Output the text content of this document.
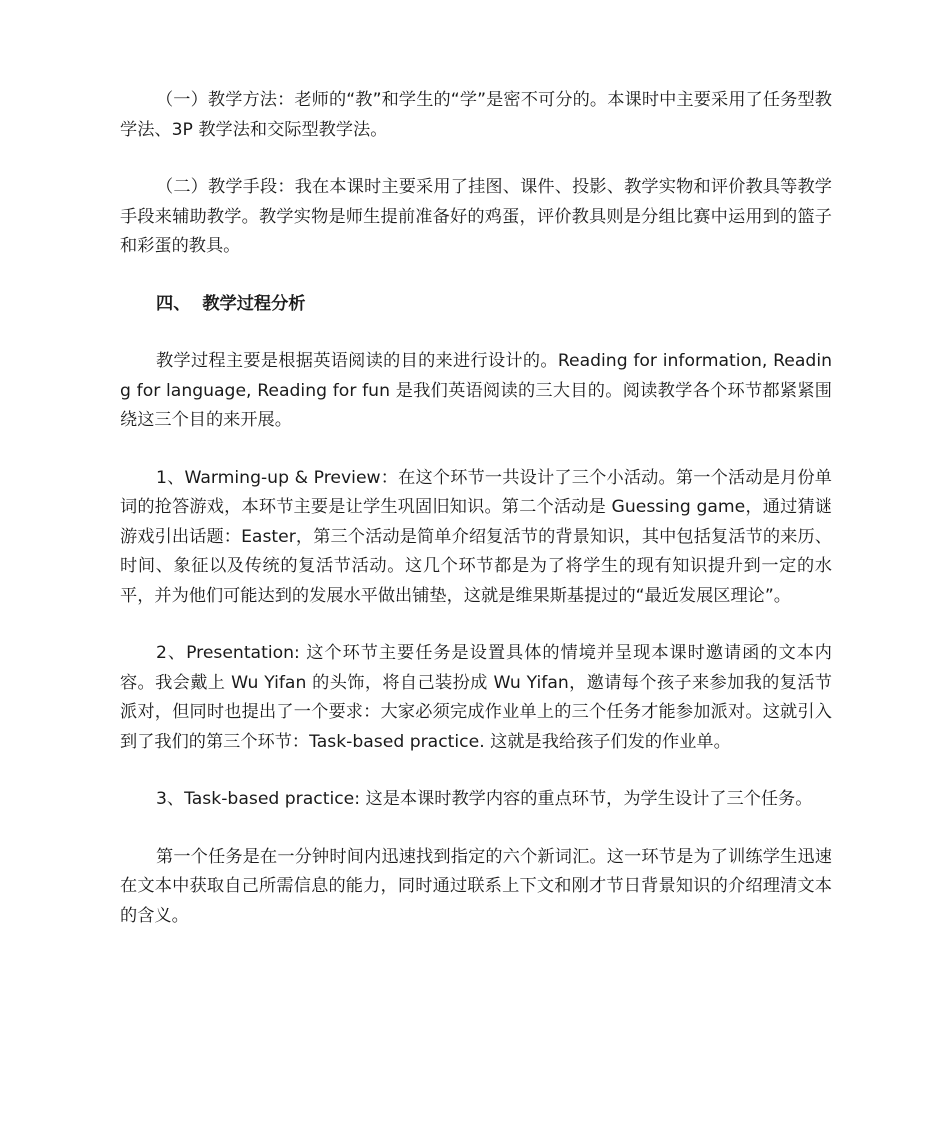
（一）教学方法：老师的“教”和学生的“学”是密不可分的。本课时中主要采用了任务型教学法、3P 教学法和交际型教学法。

（二）教学手段：我在本课时主要采用了挂图、课件、投影、教学实物和评价教具等教学手段来辅助教学。教学实物是师生提前准备好的鸡蛋，评价教具则是分组比赛中运用到的篮子和彩蛋的教具。

四、  教学过程分析

教学过程主要是根据英语阅读的目的来进行设计的。Reading for information, Reading for language, Reading for fun 是我们英语阅读的三大目的。阅读教学各个环节都紧紧围绕这三个目的来开展。

1、Warming-up & Preview：在这个环节一共设计了三个小活动。第一个活动是月份单词的抢答游戏，本环节主要是让学生巩固旧知识。第二个活动是 Guessing game，通过猜谜游戏引出话题：Easter，第三个活动是简单介绍复活节的背景知识，其中包括复活节的来历、时间、象征以及传统的复活节活动。这几个环节都是为了将学生的现有知识提升到一定的水平，并为他们可能达到的发展水平做出铺垫，这就是维果斯基提过的“最近发展区理论”。

2、Presentation: 这个环节主要任务是设置具体的情境并呈现本课时邀请函的文本内容。我会戴上 Wu Yifan 的头饰，将自己装扮成 Wu Yifan，邀请每个孩子来参加我的复活节派对，但同时也提出了一个要求：大家必须完成作业单上的三个任务才能参加派对。这就引入到了我们的第三个环节：Task-based practice. 这就是我给孩子们发的作业单。

3、Task-based practice: 这是本课时教学内容的重点环节，为学生设计了三个任务。

第一个任务是在一分钟时间内迅速找到指定的六个新词汇。这一环节是为了训练学生迅速在文本中获取自己所需信息的能力，同时通过联系上下文和刚才节日背景知识的介绍理清文本的含义。
